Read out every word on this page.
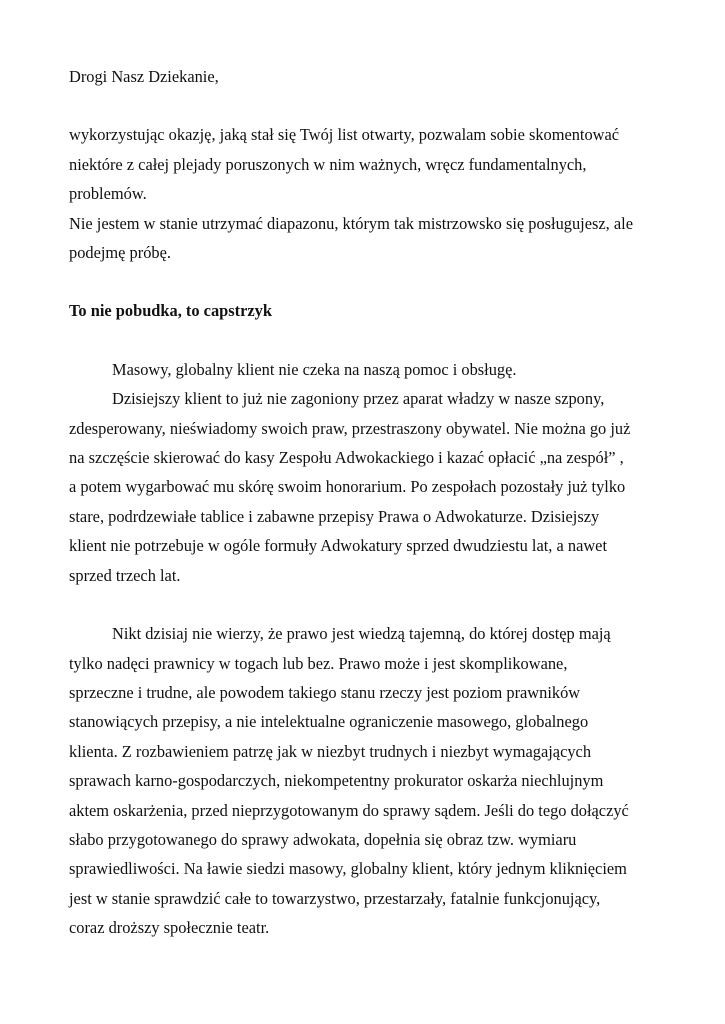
Drogi Nasz Dziekanie,

wykorzystując okazję, jaką stał się Twój list otwarty, pozwalam sobie skomentować
niektóre z całej plejady poruszonych w nim ważnych, wręcz fundamentalnych,
problemów.
Nie jestem w stanie utrzymać diapazonu, którym tak mistrzowsko się posługujesz, ale
podejmę próbę.

To nie pobudka, to capstrzyk

Masowy, globalny klient nie czeka na naszą pomoc i obsługę.

Dzisiejszy klient to już nie zagoniony przez aparat władzy w nasze szpony,
zdesperowany, nieświadomy swoich praw, przestraszony obywatel. Nie można go już
na szczęście skierować do kasy Zespołu Adwokackiego i kazać opłacić „na zespół” ,
a potem wygarbować mu skórę swoim honorarium. Po zespołach pozostały już tylko
stare, podrdzewiałe tablice i zabawne przepisy Prawa o Adwokaturze. Dzisiejszy
klient nie potrzebuje w ogóle formuły Adwokatury sprzed dwudziestu lat, a nawet
sprzed trzech lat.

Nikt dzisiaj nie wierzy, że prawo jest wiedzą tajemną, do której dostęp mają
tylko nadęci prawnicy w togach lub bez. Prawo może i jest skomplikowane,
sprzeczne i trudne, ale powodem takiego stanu rzeczy jest poziom prawników
stanowiących przepisy, a nie intelektualne ograniczenie masowego, globalnego
klienta. Z rozbawieniem patrzę jak w niezbyt trudnych i niezbyt wymagających
sprawach karno-gospodarczych, niekompetentny prokurator oskarża niechlujnym
aktem oskarżenia, przed nieprzygotowanym do sprawy sądem. Jeśli do tego dołączyć
słabo przygotowanego do sprawy adwokata, dopełnia się obraz tzw. wymiaru
sprawiedliwości. Na ławie siedzi masowy, globalny klient, który jednym kliknięciem
jest w stanie sprawdzić całe to towarzystwo, przestarzały, fatalnie funkcjonujący,
coraz droższy społecznie teatr.
